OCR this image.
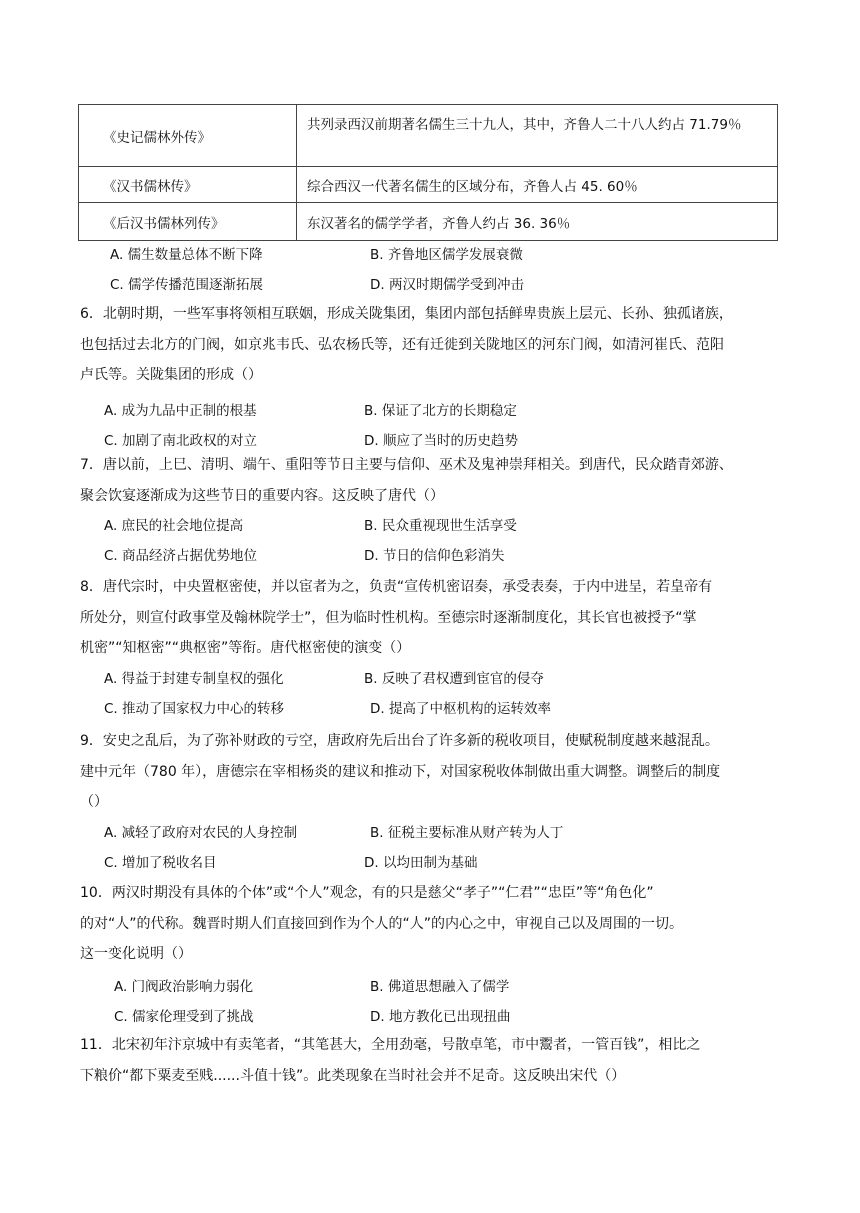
《史记儒林外传》	共列录西汉前期著名儒生三十九人，其中，齐鲁人二十八人约占 71.79％
《汉书儒林传》	综合西汉一代著名儒生的区域分布，齐鲁人占 45. 60％
《后汉书儒林列传》	东汉著名的儒学学者，齐鲁人约占 36. 36％
A. 儒生数量总体不断下降	B. 齐鲁地区儒学发展衰微
C. 儒学传播范围逐渐拓展	D. 两汉时期儒学受到冲击
6．北朝时期，一些军事将领相互联姻，形成关陇集团，集团内部包括鲜卑贵族上层元、长孙、独孤诸族，
也包括过去北方的门阀，如京兆韦氏、弘农杨氏等，还有迁徙到关陇地区的河东门阀，如清河崔氏、范阳
卢氏等。关陇集团的形成（）
A. 成为九品中正制的根基	B. 保证了北方的长期稳定
C. 加剧了南北政权的对立	D. 顺应了当时的历史趋势
7．唐以前，上巳、清明、端午、重阳等节日主要与信仰、巫术及鬼神崇拜相关。到唐代，民众踏青郊游、
聚会饮宴逐渐成为这些节日的重要内容。这反映了唐代（）
A. 庶民的社会地位提高	B. 民众重视现世生活享受
C. 商品经济占据优势地位	D. 节日的信仰色彩消失
8．唐代宗时，中央置枢密使，并以宦者为之，负责“宣传机密诏奏，承受表奏，于内中进呈，若皇帝有
所处分，则宣付政事堂及翰林院学士”，但为临时性机构。至德宗时逐渐制度化，其长官也被授予“掌
机密”“知枢密”“典枢密”等衔。唐代枢密使的演变（）
A. 得益于封建专制皇权的强化	B. 反映了君权遭到宦官的侵夺
C. 推动了国家权力中心的转移	D. 提高了中枢机构的运转效率
9．安史之乱后，为了弥补财政的亏空，唐政府先后出台了许多新的税收项目，使赋税制度越来越混乱。
建中元年（780 年），唐德宗在宰相杨炎的建议和推动下，对国家税收体制做出重大调整。调整后的制度
（）
A. 减轻了政府对农民的人身控制	B. 征税主要标准从财产转为人丁
C. 增加了税收名目	D. 以均田制为基础
10．两汉时期没有具体的个体”或“个人”观念，有的只是慈父“孝子”“仁君”“忠臣”等“角色化”
的对“人”的代称。魏晋时期人们直接回到作为个人的“人”的内心之中，审视自己以及周围的一切。
这一变化说明（）
A. 门阀政治影响力弱化	B. 佛道思想融入了儒学
C. 儒家伦理受到了挑战	D. 地方教化已出现扭曲
11．北宋初年汴京城中有卖笔者，“其笔甚大，全用劲毫，号散卓笔，市中鬻者，一管百钱”，相比之
下粮价“都下粟麦至贱......斗值十钱”。此类现象在当时社会并不足奇。这反映出宋代（）
